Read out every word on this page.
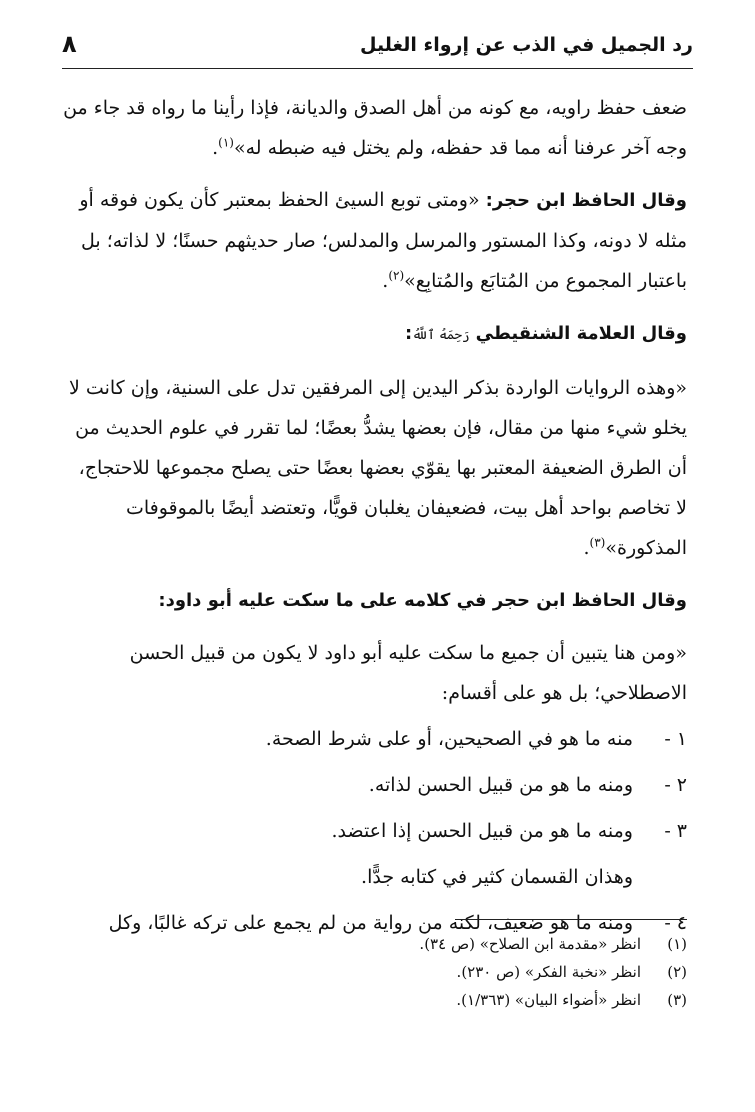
رد الجميل في الذب عن إرواء الغليل
٨

ضعف حفظ راويه، مع كونه من أهل الصدق والديانة، فإذا رأينا ما رواه قد جاء من وجه آخر عرفنا أنه مما قد حفظه، ولم يختل فيه ضبطه له»$^{(١)}$.

وقال الحافظ ابن حجر: «ومتى توبع السيئ الحفظ بمعتبر كأن يكون فوقه أو مثله لا دونه، وكذا المستور والمرسل والمدلس؛ صار حديثهم حسنًا؛ لا لذاته؛ بل باعتبار المجموع من المُتابَع والمُتابِع»$^{(٢)}$.

وقال العلامة الشنقيطي رَحِمَهُ ٱللَّهُ:

«وهذه الروايات الواردة بذكر اليدين إلى المرفقين تدل على السنية، وإن كانت لا يخلو شيء منها من مقال، فإن بعضها يشدُّ بعضًا؛ لما تقرر في علوم الحديث من أن الطرق الضعيفة المعتبر بها يقوّي بعضها بعضًا حتى يصلح مجموعها للاحتجاج، لا تخاصم بواحد أهل بيت، فضعيفان يغلبان قويًّا، وتعتضد أيضًا بالموقوفات المذكورة»$^{(٣)}$.

وقال الحافظ ابن حجر في كلامه على ما سكت عليه أبو داود:

«ومن هنا يتبين أن جميع ما سكت عليه أبو داود لا يكون من قبيل الحسن الاصطلاحي؛ بل هو على أقسام:

١ -
منه ما هو في الصحيحين، أو على شرط الصحة.
٢ -
ومنه ما هو من قبيل الحسن لذاته.
٣ -
ومنه ما هو من قبيل الحسن إذا اعتضد.

وهذان القسمان كثير في كتابه جدًّا.

٤ -
ومنه ما هو ضعيف، لكنه من رواية من لم يجمع على تركه غالبًا، وكل
(١)
انظر «مقدمة ابن الصلاح» (ص ٣٤).
(٢)
انظر «نخبة الفكر» (ص ٢٣٠).
(٣)
انظر «أضواء البيان» (١/٣٦٣).
